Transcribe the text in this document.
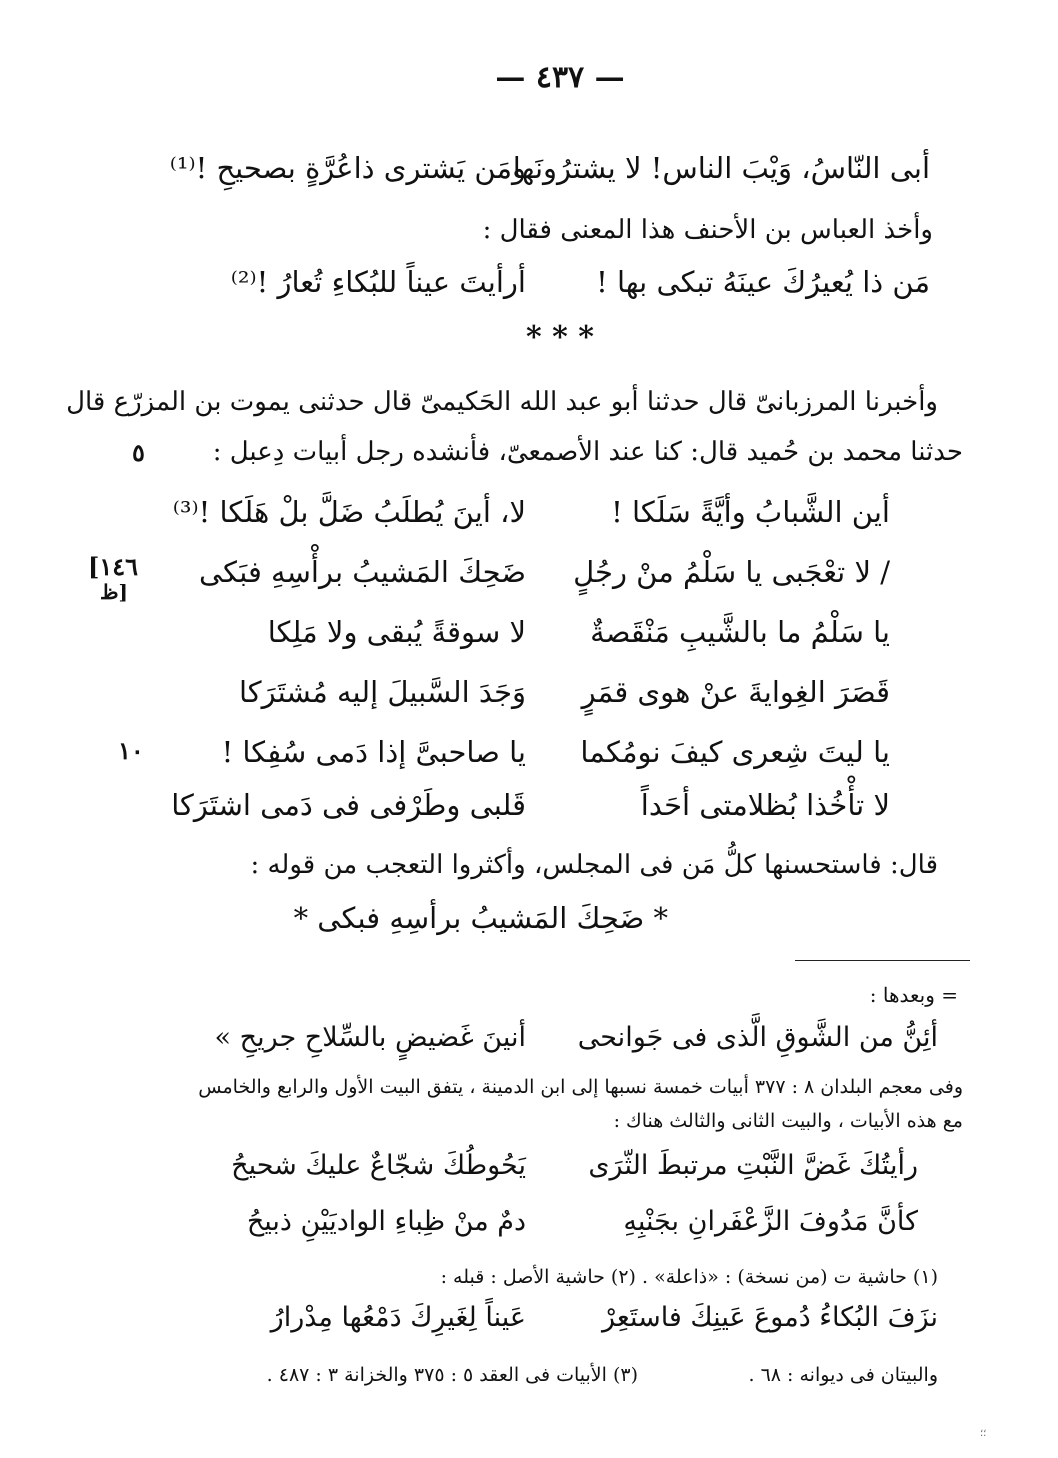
— ٤٣٧ —
أبى النّاسُ، وَيْبَ الناس! لا يشترُونَها
ومَن يَشترى ذاعُرَّةٍ بصحيحِ !⁽¹⁾
وأخذ العباس بن الأحنف هذا المعنى فقال :
مَن ذا يُعيرُكَ عينَهُ تبكى بها !
أرأيتَ عيناً للبُكاءِ تُعارُ !⁽²⁾
* * *
وأخبرنا المرزبانىّ قال حدثنا أبو عبد الله الحَكيمىّ قال حدثنى يموت بن المزرّع قال
حدثنا محمد بن حُميد قال: كنا عند الأصمعىّ، فأنشده رجل أبيات دِعبل :
٥
أين الشَّبابُ وأيَّةً سَلَكا !
لا، أينَ يُطلَبُ ضَلَّ بلْ هَلَكا !⁽³⁾
/ لا تعْجَبى يا سَلْمُ منْ رجُلٍ
ضَحِكَ المَشيبُ برأْسِهِ فبَكى
[١٤٦
ظ]
يا سَلْمُ ما بالشَّيبِ مَنْقَصةٌ
لا سوقةً يُبقى ولا مَلِكا
قَصَرَ الغِوايةَ عنْ هوى قمَرٍ
وَجَدَ السَّبيلَ إليه مُشتَرَكا
يا ليتَ شِعرى كيفَ نومُكما
يا صاحبىَّ إذا دَمى سُفِكا !
١٠
لا تأْخُذا بُظلامتى أحَداً
قَلبى وطَرْفى فى دَمى اشتَرَكا
قال: فاستحسنها كلُّ مَن فى المجلس، وأكثروا التعجب من قوله :
* ضَحِكَ المَشيبُ برأسِهِ فبكى *
= وبعدها :
أئِنُّ من الشَّوقِ الَّذى فى جَوانحى
أنينَ غَضيضٍ بالسِّلاحِ جريحِ »
وفى معجم البلدان ٨ : ٣٧٧ أبيات خمسة نسبها إلى ابن الدمينة ، يتفق البيت الأول والرابع والخامس
مع هذه الأبيات ، والبيت الثانى والثالث هناك :
رأيتُكَ غَضَّ النَّبْتِ مرتبطَ الثّرَى
يَحُوطُكَ شجّاعٌ عليكَ شحيحُ
كأنَّ مَدُوفَ الزَّعْفَرانِ بجَنْبِهِ
دمٌ منْ ظِباءِ الواديَيْنِ ذبيحُ
(١) حاشية ت (من نسخة) : «ذاعلة» . (٢) حاشية الأصل : قبله :
نزَفَ البُكاءُ دُموعَ عَينِكَ فاستَعِرْ
عَيناً لِغَيرِكَ دَمْعُها مِدْرارُ
والبيتان فى ديوانه : ٦٨ .
(٣) الأبيات فى العقد ٥ : ٣٧٥ والخزانة ٣ : ٤٨٧ .
؛؛
